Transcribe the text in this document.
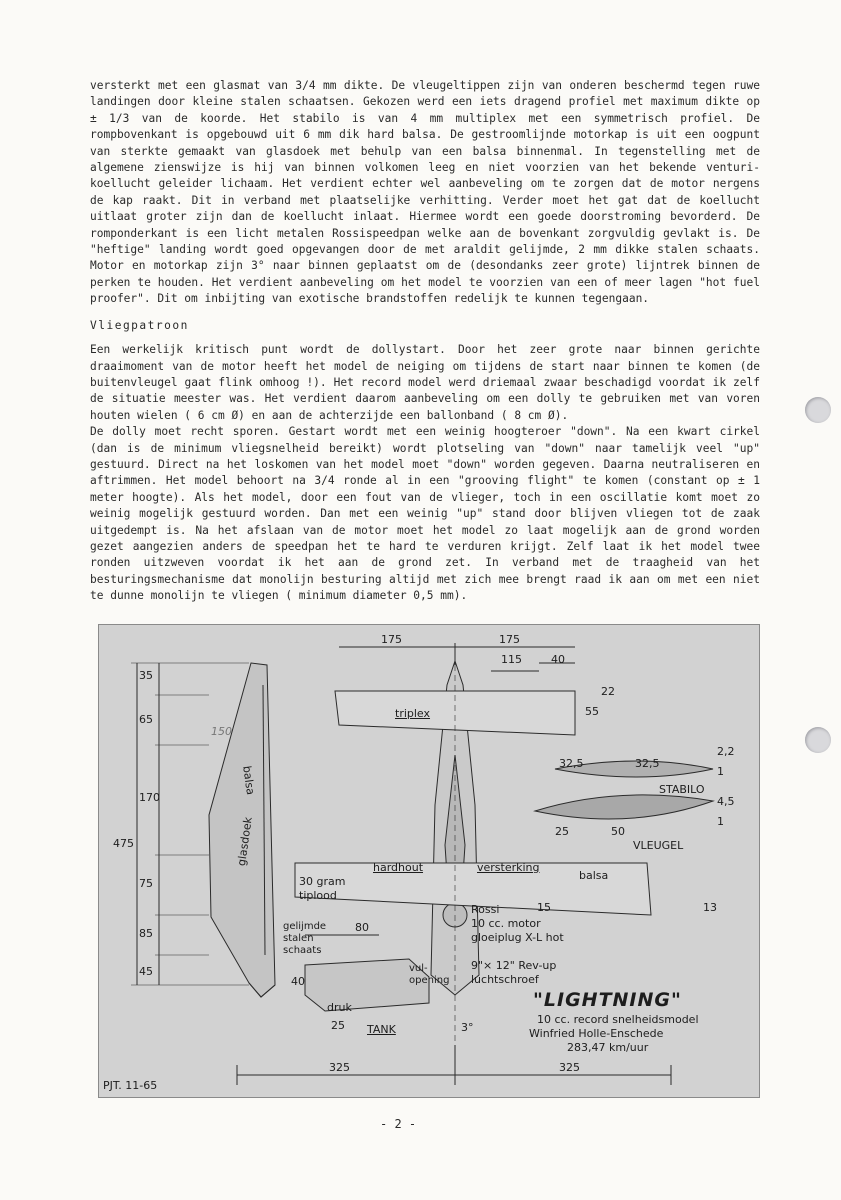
versterkt met een glasmat van 3/4 mm dikte. De vleugeltippen zijn van onderen beschermd tegen ruwe landingen door kleine stalen schaatsen. Gekozen werd een iets dragend profiel met maximum dikte op ± 1/3 van de koorde. Het stabilo is van 4 mm multiplex met een symmetrisch profiel. De rompbovenkant is opgebouwd uit 6 mm dik hard balsa. De gestroomlijnde motorkap is uit een oogpunt van sterkte gemaakt van glasdoek met behulp van een balsa binnenmal. In tegenstelling met de algemene zienswijze is hij van binnen volkomen leeg en niet voorzien van het bekende venturi-koellucht geleider lichaam. Het verdient echter wel aanbeveling om te zorgen dat de motor nergens de kap raakt. Dit in verband met plaatselijke verhitting. Verder moet het gat dat de koellucht uitlaat groter zijn dan de koellucht inlaat. Hiermee wordt een goede doorstroming bevorderd. De romponderkant is een licht metalen Rossispeedpan welke aan de bovenkant zorgvuldig gevlakt is. De "heftige" landing wordt goed opgevangen door de met araldit gelijmde, 2 mm dikke stalen schaats. Motor en motorkap zijn 3° naar binnen geplaatst om de (desondanks zeer grote) lijntrek binnen de perken te houden. Het verdient aanbeveling om het model te voorzien van een of meer lagen "hot fuel proofer". Dit om inbijting van exotische brandstoffen redelijk te kunnen tegengaan.

Vliegpatroon

Een werkelijk kritisch punt wordt de dollystart. Door het zeer grote naar binnen gerichte draaimoment van de motor heeft het model de neiging om tijdens de start naar binnen te komen (de buitenvleugel gaat flink omhoog !). Het record model werd driemaal zwaar beschadigd voordat ik zelf de situatie meester was. Het verdient daarom aanbeveling om een dolly te gebruiken met van voren houten wielen ( 6 cm Ø) en aan de achterzijde een ballonband ( 8 cm Ø).

De dolly moet recht sporen. Gestart wordt met een weinig hoogteroer "down". Na een kwart cirkel (dan is de minimum vliegsnelheid bereikt) wordt plotseling van "down" naar tamelijk veel "up" gestuurd. Direct na het loskomen van het model moet "down" worden gegeven. Daarna neutraliseren en aftrimmen. Het model behoort na 3/4 ronde al in een "grooving flight" te komen (constant op ± 1 meter hoogte). Als het model, door een fout van de vlieger, toch in een oscillatie komt moet zo weinig mogelijk gestuurd worden. Dan met een weinig "up" stand door blijven vliegen tot de zaak uitgedempt is. Na het afslaan van de motor moet het model zo laat mogelijk aan de grond worden gezet aangezien anders de speedpan het te hard te verduren krijgt. Zelf laat ik het model twee ronden uitzweven voordat ik het aan de grond zet. In verband met de traagheid van het besturingsmechanisme dat monolijn besturing altijd met zich mee brengt raad ik aan om met een niet te dunne monolijn te vliegen ( minimum diameter 0,5 mm).

175	175
115	40
35
65
170
475
75
85
45
22
55
2,2
1
4,5
1
15	13
32,5	32,5
25	50
325	325
25
80
40
triplex
STABILO
VLEUGEL
balsa
glasdoek
hardhout	versterking
balsa
30 gram
tiplood
gelijmde
stalen
schaats
Rossi
10 cc. motor
gloeiplug X-L hot
9"× 12" Rev-up
luchtschroef
vul-
opening
druk
TANK	3°
150
PJT. 11-65
"LIGHTNING"
10 cc. record snelheidsmodel
Winfried Holle-Enschede
283,47 km/uur
- 2 -
